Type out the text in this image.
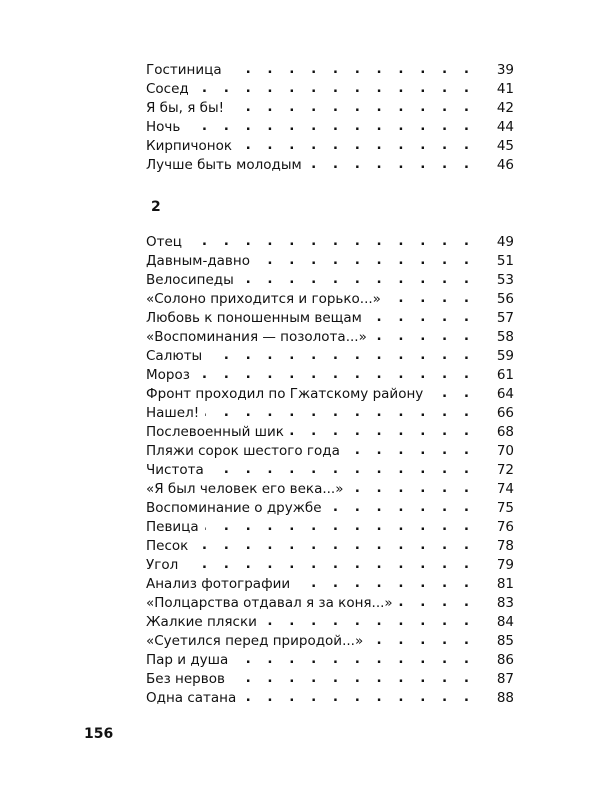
. . .
Гостиница	39
. . .
Сосед	41
. . .
Я бы, я бы!	42
. . .
Ночь	44
. . .
Кирпичонок	45
. . .
Лучше быть молодым	46
2
. . .
Отец	49
. . .
Давным-давно	51
. . .
Велосипеды	53
. . .
«Солоно приходится и горько...»	56
. . .
Любовь к поношенным вещам	57
. . .
«Воспоминания — позолота...»	58
. . .
Салюты	59
. . .
Мороз	61
. . .
Фронт проходил по Гжатскому району	64
. . .
Нашел!	66
. . .
Послевоенный шик	68
. . .
Пляжи сорок шестого года	70
. . .
Чистота	72
. . .
«Я был человек его века...»	74
. . .
Воспоминание о дружбе	75
. . .
Певица	76
. . .
Песок	78
. . .
Угол	79
. . .
Анализ фотографии	81
. . .
«Полцарства отдавал я за коня...»	83
. . .
Жалкие пляски	84
. . .
«Суетился перед природой...»	85
. . .
Пар и душа	86
. . .
Без нервов	87
. . .
Одна сатана	88
156
